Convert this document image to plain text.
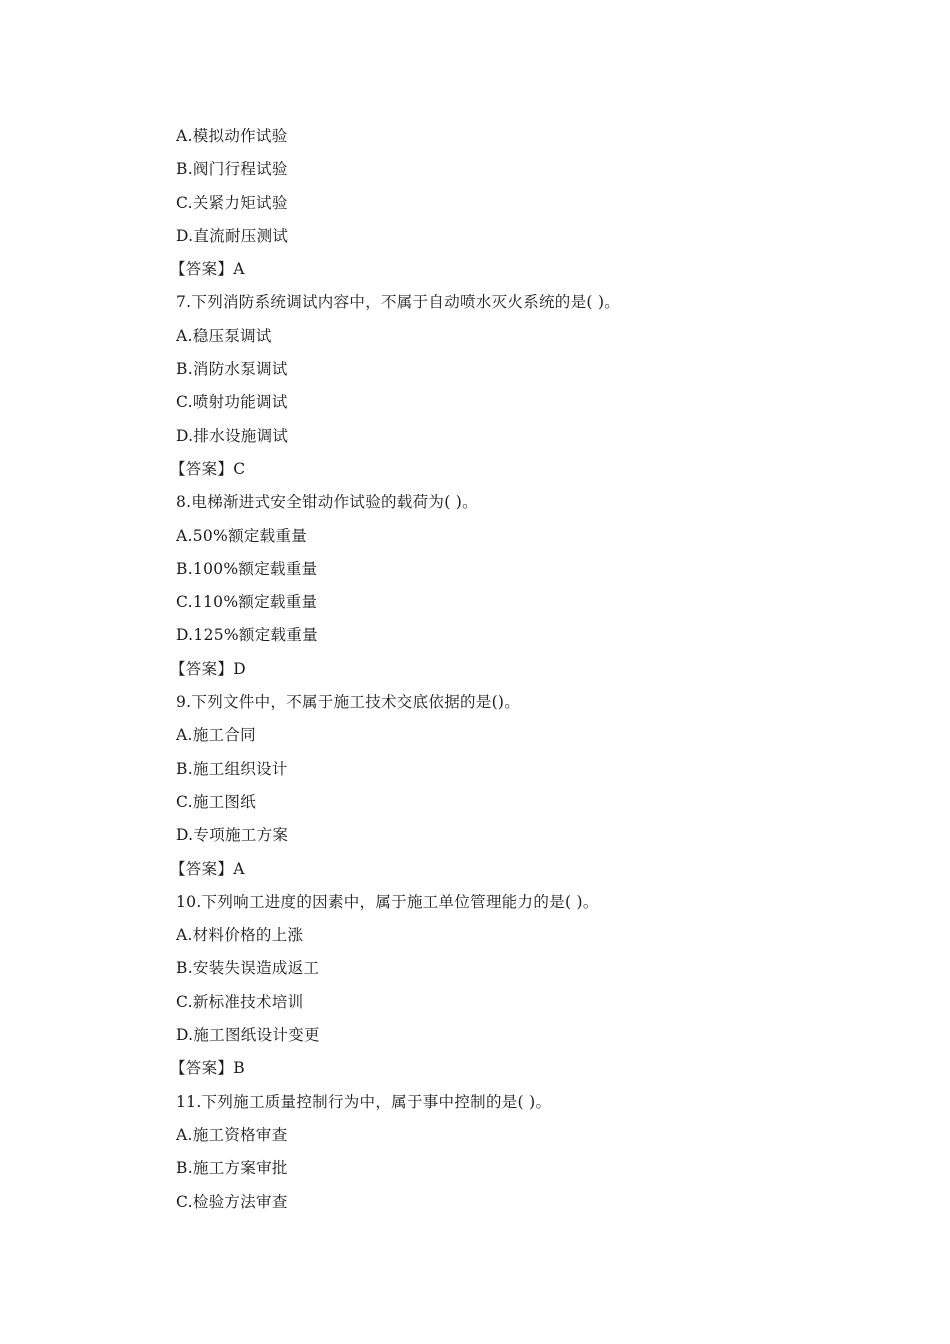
A.模拟动作试验
B.阀门行程试验
C.关紧力矩试验
D.直流耐压测试
【答案】A
7.下列消防系统调试内容中，不属于自动喷水灭火系统的是( )。
A.稳压泵调试
B.消防水泵调试
C.喷射功能调试
D.排水设施调试
【答案】C
8.电梯渐进式安全钳动作试验的载荷为( )。
A.50%额定载重量
B.100%额定载重量
C.110%额定载重量
D.125%额定载重量
【答案】D
9.下列文件中，不属于施工技术交底依据的是()。
A.施工合同
B.施工组织设计
C.施工图纸
D.专项施工方案
【答案】A
10.下列响工进度的因素中，属于施工单位管理能力的是( )。
A.材料价格的上涨
B.安装失误造成返工
C.新标准技术培训
D.施工图纸设计变更
【答案】B
11.下列施工质量控制行为中，属于事中控制的是( )。
A.施工资格审查
B.施工方案审批
C.检验方法审查
